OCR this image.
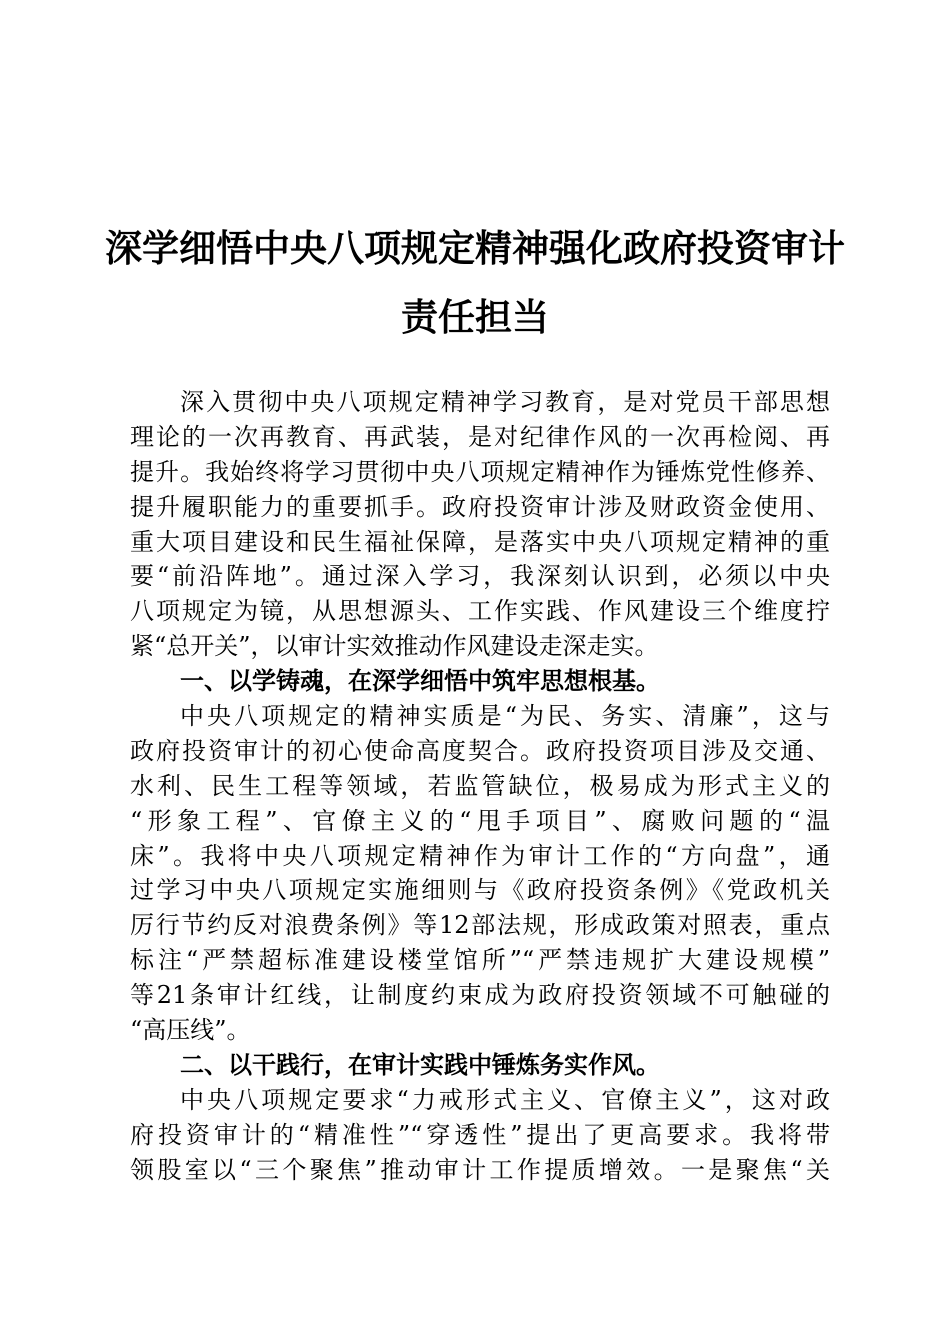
深学细悟中央八项规定精神强化政府投资审计
责任担当
深入贯彻中央八项规定精神学习教育，是对党员干部思想
理论的一次再教育、再武装，是对纪律作风的一次再检阅、再
提升。我始终将学习贯彻中央八项规定精神作为锤炼党性修养、
提升履职能力的重要抓手。政府投资审计涉及财政资金使用、
重大项目建设和民生福祉保障，是落实中央八项规定精神的重
要“前沿阵地”。通过深入学习，我深刻认识到，必须以中央
八项规定为镜，从思想源头、工作实践、作风建设三个维度拧
紧“总开关”，以审计实效推动作风建设走深走实。
一、以学铸魂，在深学细悟中筑牢思想根基。
中央八项规定的精神实质是“为民、务实、清廉”，这与
政府投资审计的初心使命高度契合。政府投资项目涉及交通、
水利、民生工程等领域，若监管缺位，极易成为形式主义的
“形象工程”、官僚主义的“甩手项目”、腐败问题的“温
床”。我将中央八项规定精神作为审计工作的“方向盘”，通
过学习中央八项规定实施细则与《政府投资条例》《党政机关
厉行节约反对浪费条例》等12部法规，形成政策对照表，重点
标注“严禁超标准建设楼堂馆所”“严禁违规扩大建设规模”
等21条审计红线，让制度约束成为政府投资领域不可触碰的
“高压线”。
二、以干践行，在审计实践中锤炼务实作风。
中央八项规定要求“力戒形式主义、官僚主义”，这对政
府投资审计的“精准性”“穿透性”提出了更高要求。我将带
领股室以“三个聚焦”推动审计工作提质增效。一是聚焦“关
